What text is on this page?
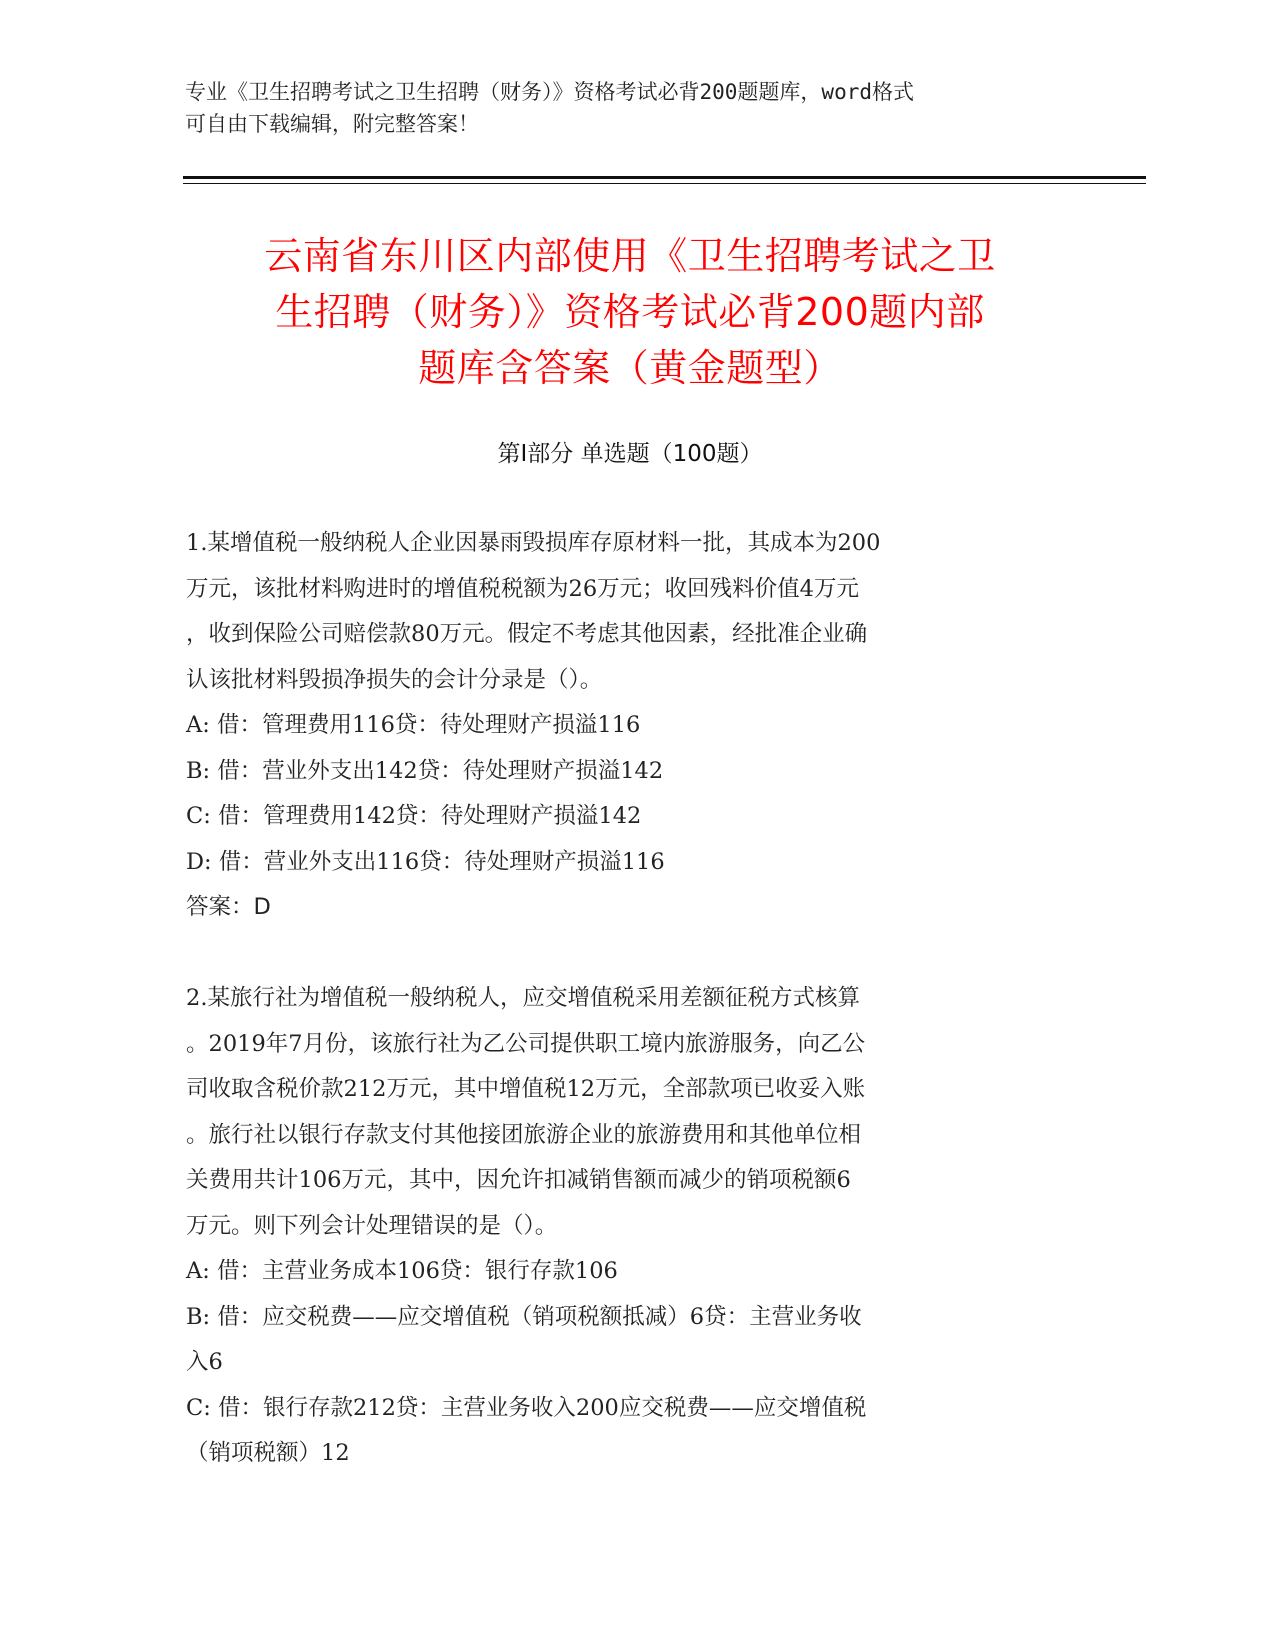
专业《卫生招聘考试之卫生招聘（财务）》资格考试必背200题题库，word格式
可自由下载编辑，附完整答案！
云南省东川区内部使用《卫生招聘考试之卫
生招聘（财务）》资格考试必背200题内部
题库含答案（黄金题型）
第Ⅰ部分 单选题（100题）
1.某增值税一般纳税人企业因暴雨毁损库存原材料一批，其成本为200
万元，该批材料购进时的增值税税额为26万元；收回残料价值4万元
，收到保险公司赔偿款80万元。假定不考虑其他因素，经批准企业确
认该批材料毁损净损失的会计分录是（）。
A: 借：管理费用116贷：待处理财产损溢116
B: 借：营业外支出142贷：待处理财产损溢142
C: 借：管理费用142贷：待处理财产损溢142
D: 借：营业外支出116贷：待处理财产损溢116
答案：D
2.某旅行社为增值税一般纳税人，应交增值税采用差额征税方式核算
。2019年7月份，该旅行社为乙公司提供职工境内旅游服务，向乙公
司收取含税价款212万元，其中增值税12万元，全部款项已收妥入账
。旅行社以银行存款支付其他接团旅游企业的旅游费用和其他单位相
关费用共计106万元，其中，因允许扣减销售额而减少的销项税额6
万元。则下列会计处理错误的是（）。
A: 借：主营业务成本106贷：银行存款106
B: 借：应交税费——应交增值税（销项税额抵减）6贷：主营业务收
入6
C: 借：银行存款212贷：主营业务收入200应交税费——应交增值税
（销项税额）12
